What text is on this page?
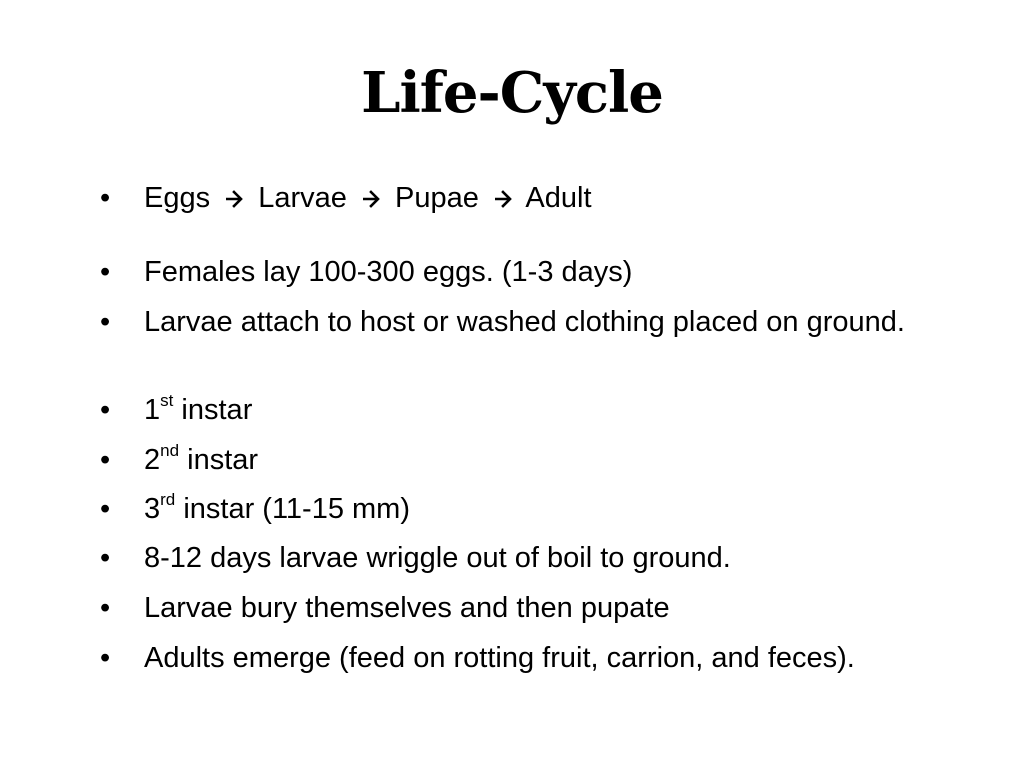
Life-Cycle
•	Eggs Larvae Pupae Adult
•	Females lay 100-300 eggs. (1-3 days)
•	Larvae attach to host or washed clothing placed on ground.
•	1st instar
•	2nd instar
•	3rd instar (11-15 mm)
•	8-12 days larvae wriggle out of boil to ground.
•	Larvae bury themselves and then pupate
•	Adults emerge (feed on rotting fruit, carrion, and feces).
